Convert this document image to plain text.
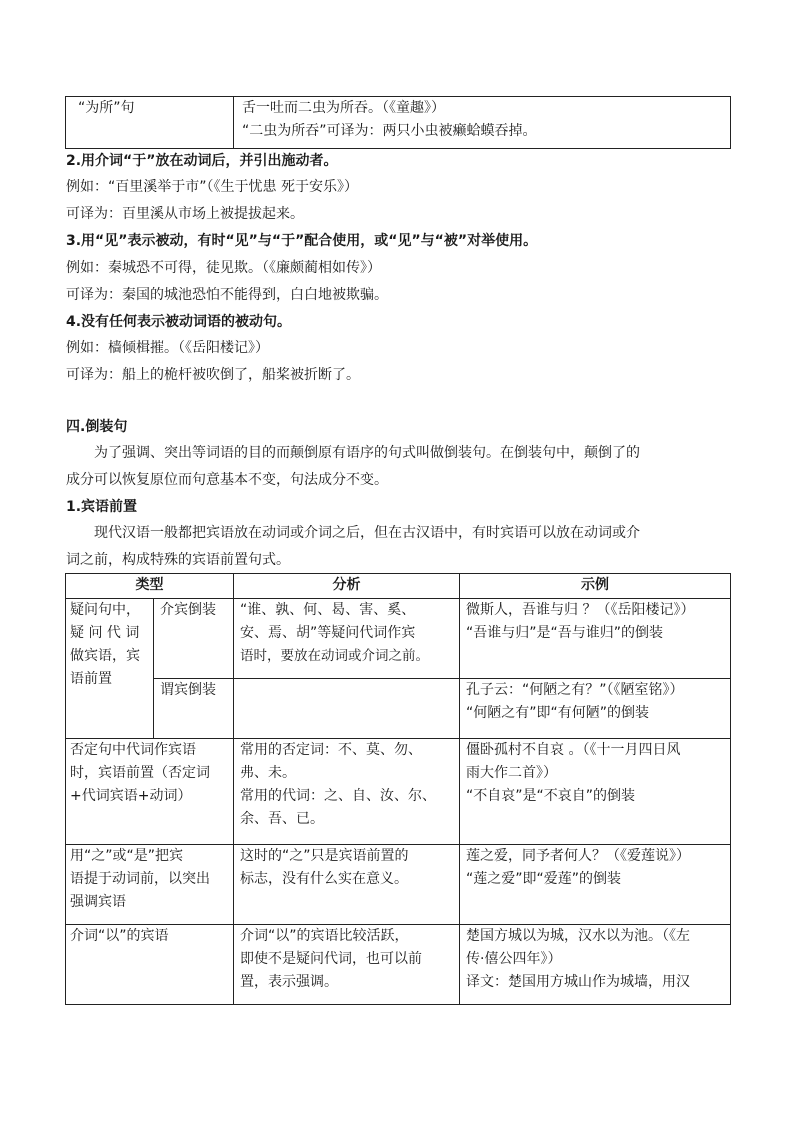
“为所”句	舌一吐而二虫为所吞。（《童趣》）
“二虫为所吞”可译为：两只小虫被癞蛤蟆吞掉。
2.用介词“于”放在动词后，并引出施动者。
例如：“百里溪举于市”（《生于忧患 死于安乐》）
可译为：百里溪从市场上被提拔起来。
3.用“见”表示被动，有时“见”与“于”配合使用，或“见”与“被”对举使用。
例如：秦城恐不可得，徒见欺。（《廉颇蔺相如传》）
可译为：秦国的城池恐怕不能得到，白白地被欺骗。
4.没有任何表示被动词语的被动句。
例如：樯倾楫摧。（《岳阳楼记》）
可译为：船上的桅杆被吹倒了，船桨被折断了。
四.倒装句
为了强调、突出等词语的目的而颠倒原有语序的句式叫做倒装句。在倒装句中，颠倒了的
成分可以恢复原位而句意基本不变，句法成分不变。
1.宾语前置
现代汉语一般都把宾语放在动词或介词之后，但在古汉语中，有时宾语可以放在动词或介
词之前，构成特殊的宾语前置句式。
类型		分析	示例

疑问句中，
疑 问 代 词
做宾语，宾
语前置	介宾倒装	“谁、孰、何、曷、害、奚、
安、焉、胡”等疑问代词作宾
语时，要放在动词或介词之前。	微斯人，吾谁与归 ？（《岳阳楼记》）
“吾谁与归”是“吾与谁归”的倒装

	谓宾倒装		孔子云：“何陋之有？”（《陋室铭》）
“何陋之有”即“有何陋”的倒装

否定句中代词作宾语
时，宾语前置（否定词
+代词宾语+动词）		常用的否定词：不、莫、勿、
弗、未。
常用的代词：之、自、汝、尔、
余、吾、已。	僵卧孤村不自哀 。（《十一月四日风
雨大作二首》）
“不自哀”是“不哀自”的倒装

用“之”或“是”把宾
语提于动词前，以突出
强调宾语		这时的“之”只是宾语前置的
标志，没有什么实在意义。	莲之爱，同予者何人？（《爱莲说》）
“莲之爱”即“爱莲”的倒装

介词“以”的宾语		介词“以”的宾语比较活跃，
即使不是疑问代词，也可以前
置，表示强调。	楚国方城以为城，汉水以为池。（《左
传·僖公四年》）
译文：楚国用方城山作为城墙，用汉
